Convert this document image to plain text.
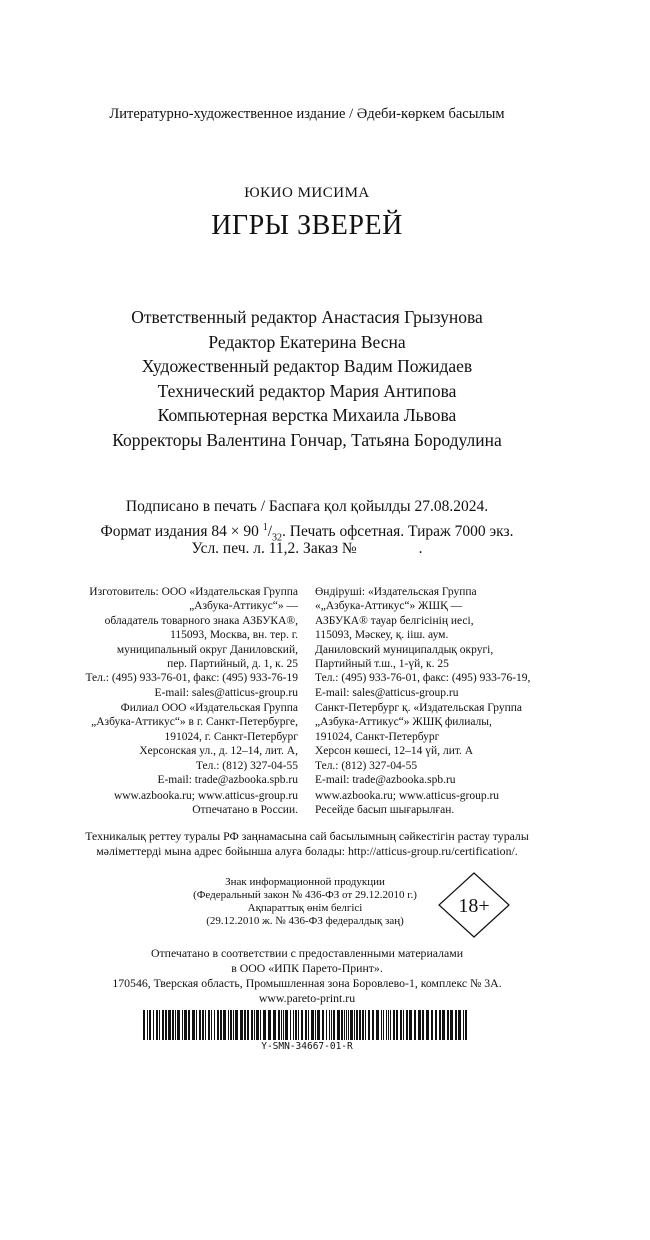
Литературно-художественное издание / Әдеби-көркем басылым
ЮКИО МИСИМА
ИГРЫ ЗВЕРЕЙ
Ответственный редактор Анастасия Грызунова
Редактор Екатерина Весна
Художественный редактор Вадим Пожидаев
Технический редактор Мария Антипова
Компьютерная верстка Михаила Львова
Корректоры Валентина Гончар, Татьяна Бородулина
Подписано в печать / Баспаға қол қойылды 27.08.2024.
Формат издания 84 × 90 $^1/_{32}$. Печать офсетная. Тираж 7000 экз.
Усл. печ. л. 11,2. Заказ №	.
Изготовитель: ООО «Издательская Группа
„Азбука-Аттикус“» —
обладатель товарного знака АЗБУКА®,
115093, Москва, вн. тер. г.
муниципальный округ Даниловский,
пер. Партийный, д. 1, к. 25
Тел.: (495) 933-76-01, факс: (495) 933-76-19
E-mail: sales@atticus-group.ru
Өндіруші: «Издательская Группа
«„Азбука-Аттикус“» ЖШҚ —
АЗБУКА® тауар белгісінің иесі,
115093, Мәскеу, қ. ііш. аум.
Даниловский муниципалдық округі,
Партийный т.ш., 1-үй, к. 25
Тел.: (495) 933-76-01, факс: (495) 933-76-19,
E-mail: sales@atticus-group.ru
Филиал ООО «Издательская Группа
„Азбука-Аттикус“» в г. Санкт-Петербурге,
191024, г. Санкт-Петербург
Херсонская ул., д. 12–14, лит. А,
Тел.: (812) 327-04-55
E-mail: trade@azbooka.spb.ru
Санкт-Петербург қ. «Издательская Группа
„Азбука-Аттикус“» ЖШҚ филиалы,
191024, Санкт-Петербург
Херсон көшесі, 12–14 үй, лит. А
Тел.: (812) 327-04-55
E-mail: trade@azbooka.spb.ru
www.azbooka.ru; www.atticus-group.ru
Отпечатано в России.
www.azbooka.ru; www.atticus-group.ru
Ресейде басып шығарылған.
Техникалық реттеу туралы РФ заңнамасына сай басылымның сәйкестігін растау туралы
мәліметтерді мына адрес бойынша алуға болады: http://atticus-group.ru/certification/.
Знак информационной продукции
(Федеральный закон № 436-ФЗ от 29.12.2010 г.)
Ақпараттық өнім белгісі
(29.12.2010 ж. № 436-ФЗ федералдық заң)
18+
Отпечатано в соответствии с предоставленными материалами
в ООО «ИПК Парето-Принт».
170546, Тверская область, Промышленная зона Боровлево-1, комплекс № 3А.
www.pareto-print.ru
Y-SMN-34667-01-R
